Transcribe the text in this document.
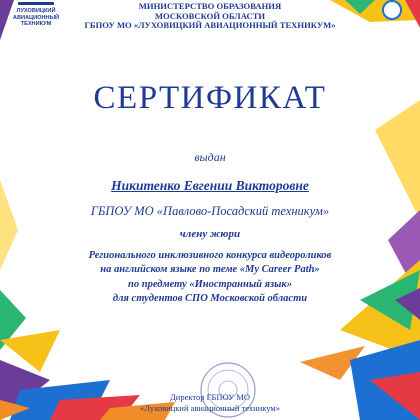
ЛУХОВИЦКИЙ
АВИАЦИОННЫЙ
ТЕХНИКУМ
МИНИСТЕРСТВО ОБРАЗОВАНИЯ
МОСКОВСКОЙ ОБЛАСТИ
ГБПОУ МО «ЛУХОВИЦКИЙ АВИАЦИОННЫЙ ТЕХНИКУМ»
СЕРТИФИКАТ
выдан
Никитенко Евгении Викторовне
ГБПОУ МО «Павлово-Посадский техникум»
члену жюри
Регионального инклюзивного конкурса видеороликов
на английском языке по теме «My Career Path»
по предмету «Иностранный язык»
для студентов СПО Московской области
Директор ГБПОУ МО
«Луховицкий авиационный техникум»
